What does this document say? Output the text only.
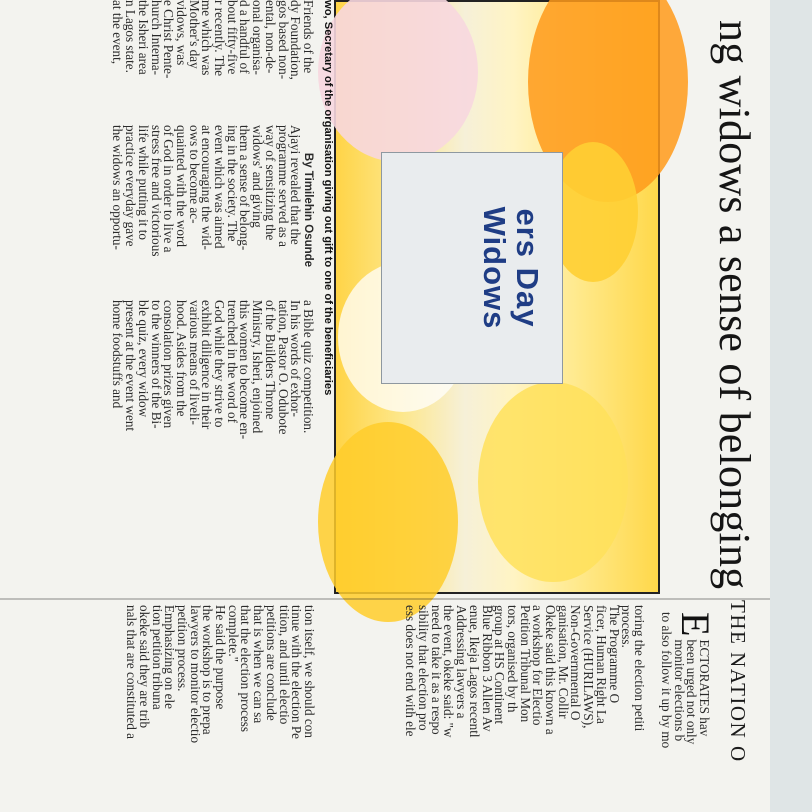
ng widows a sense of belonging
ers Day
Widows
wo, Secretary of the organisation giving out gift to one of the beneficiaries
Friends of the
dy Foundation,
gos based non-
ental, non-de-
onal organisa-
d a handful of
bout fifty-five
r recently. The
me which was
Mother's day
vidows, was
e Christ Pente-
hurch Interna-
the Isheri area
n Lagos state.
at the event,
By Timilehin Osunde
Ajayi revealed that the
programme served as a
way of sensitizing the
widows' and giving
them a sense of belong-
ing in the society. The
event which was aimed
at encouraging the wid-
ows to become ac-
quainted with the word
of God in order to live a
stress free and victorious
life while putting it to
practice everyday gave
the widows an opportu-
a Bible quiz competition.
In his words of exhor-
tation, Pastor O. Odubote
of the Builders Throne
Ministry, Isheri, enjoined
this women to become en-
trenched in the word of
God while they strive to
exhibit diligence in their
various means of liveli-
hood. Asides from the
consolation prizes given
to the winners of the Bi-
ble quiz, every widow
present at the event went
home foodstuffs and
tion itself, we should con
tinue with the election Pe
tition, and until electio
petitions are conclude
that is when we can sa
that the election process
complete."
He said the purpose
the workshop is to prepa
lawyers to monitor electio
petition process.
Emphasizing on ele
tion petition tribuna
okeke said they are trib
nals that are constituted a	toring the election petiti
process.
The Programme O
ficer, Human Right La
Service (HURILAWS),
Non-Governmental O
ganisation, Mr. Collir
Okeke said this known a
a workshop for Electio
Petition Tribunal Mon
tors, organised by th
group at HS Continent
Blue Ribbon 3 Allen Av
enue, Ikeja Lagos recentl
Addressing lawyers a
the event, okeke said: "w
need to take it as a respo
sibility that election pro
ess does not end with ele	E
ECTORATES hav
been urged not only
monitor elections b
to also follow it up by mo THE NATION O
